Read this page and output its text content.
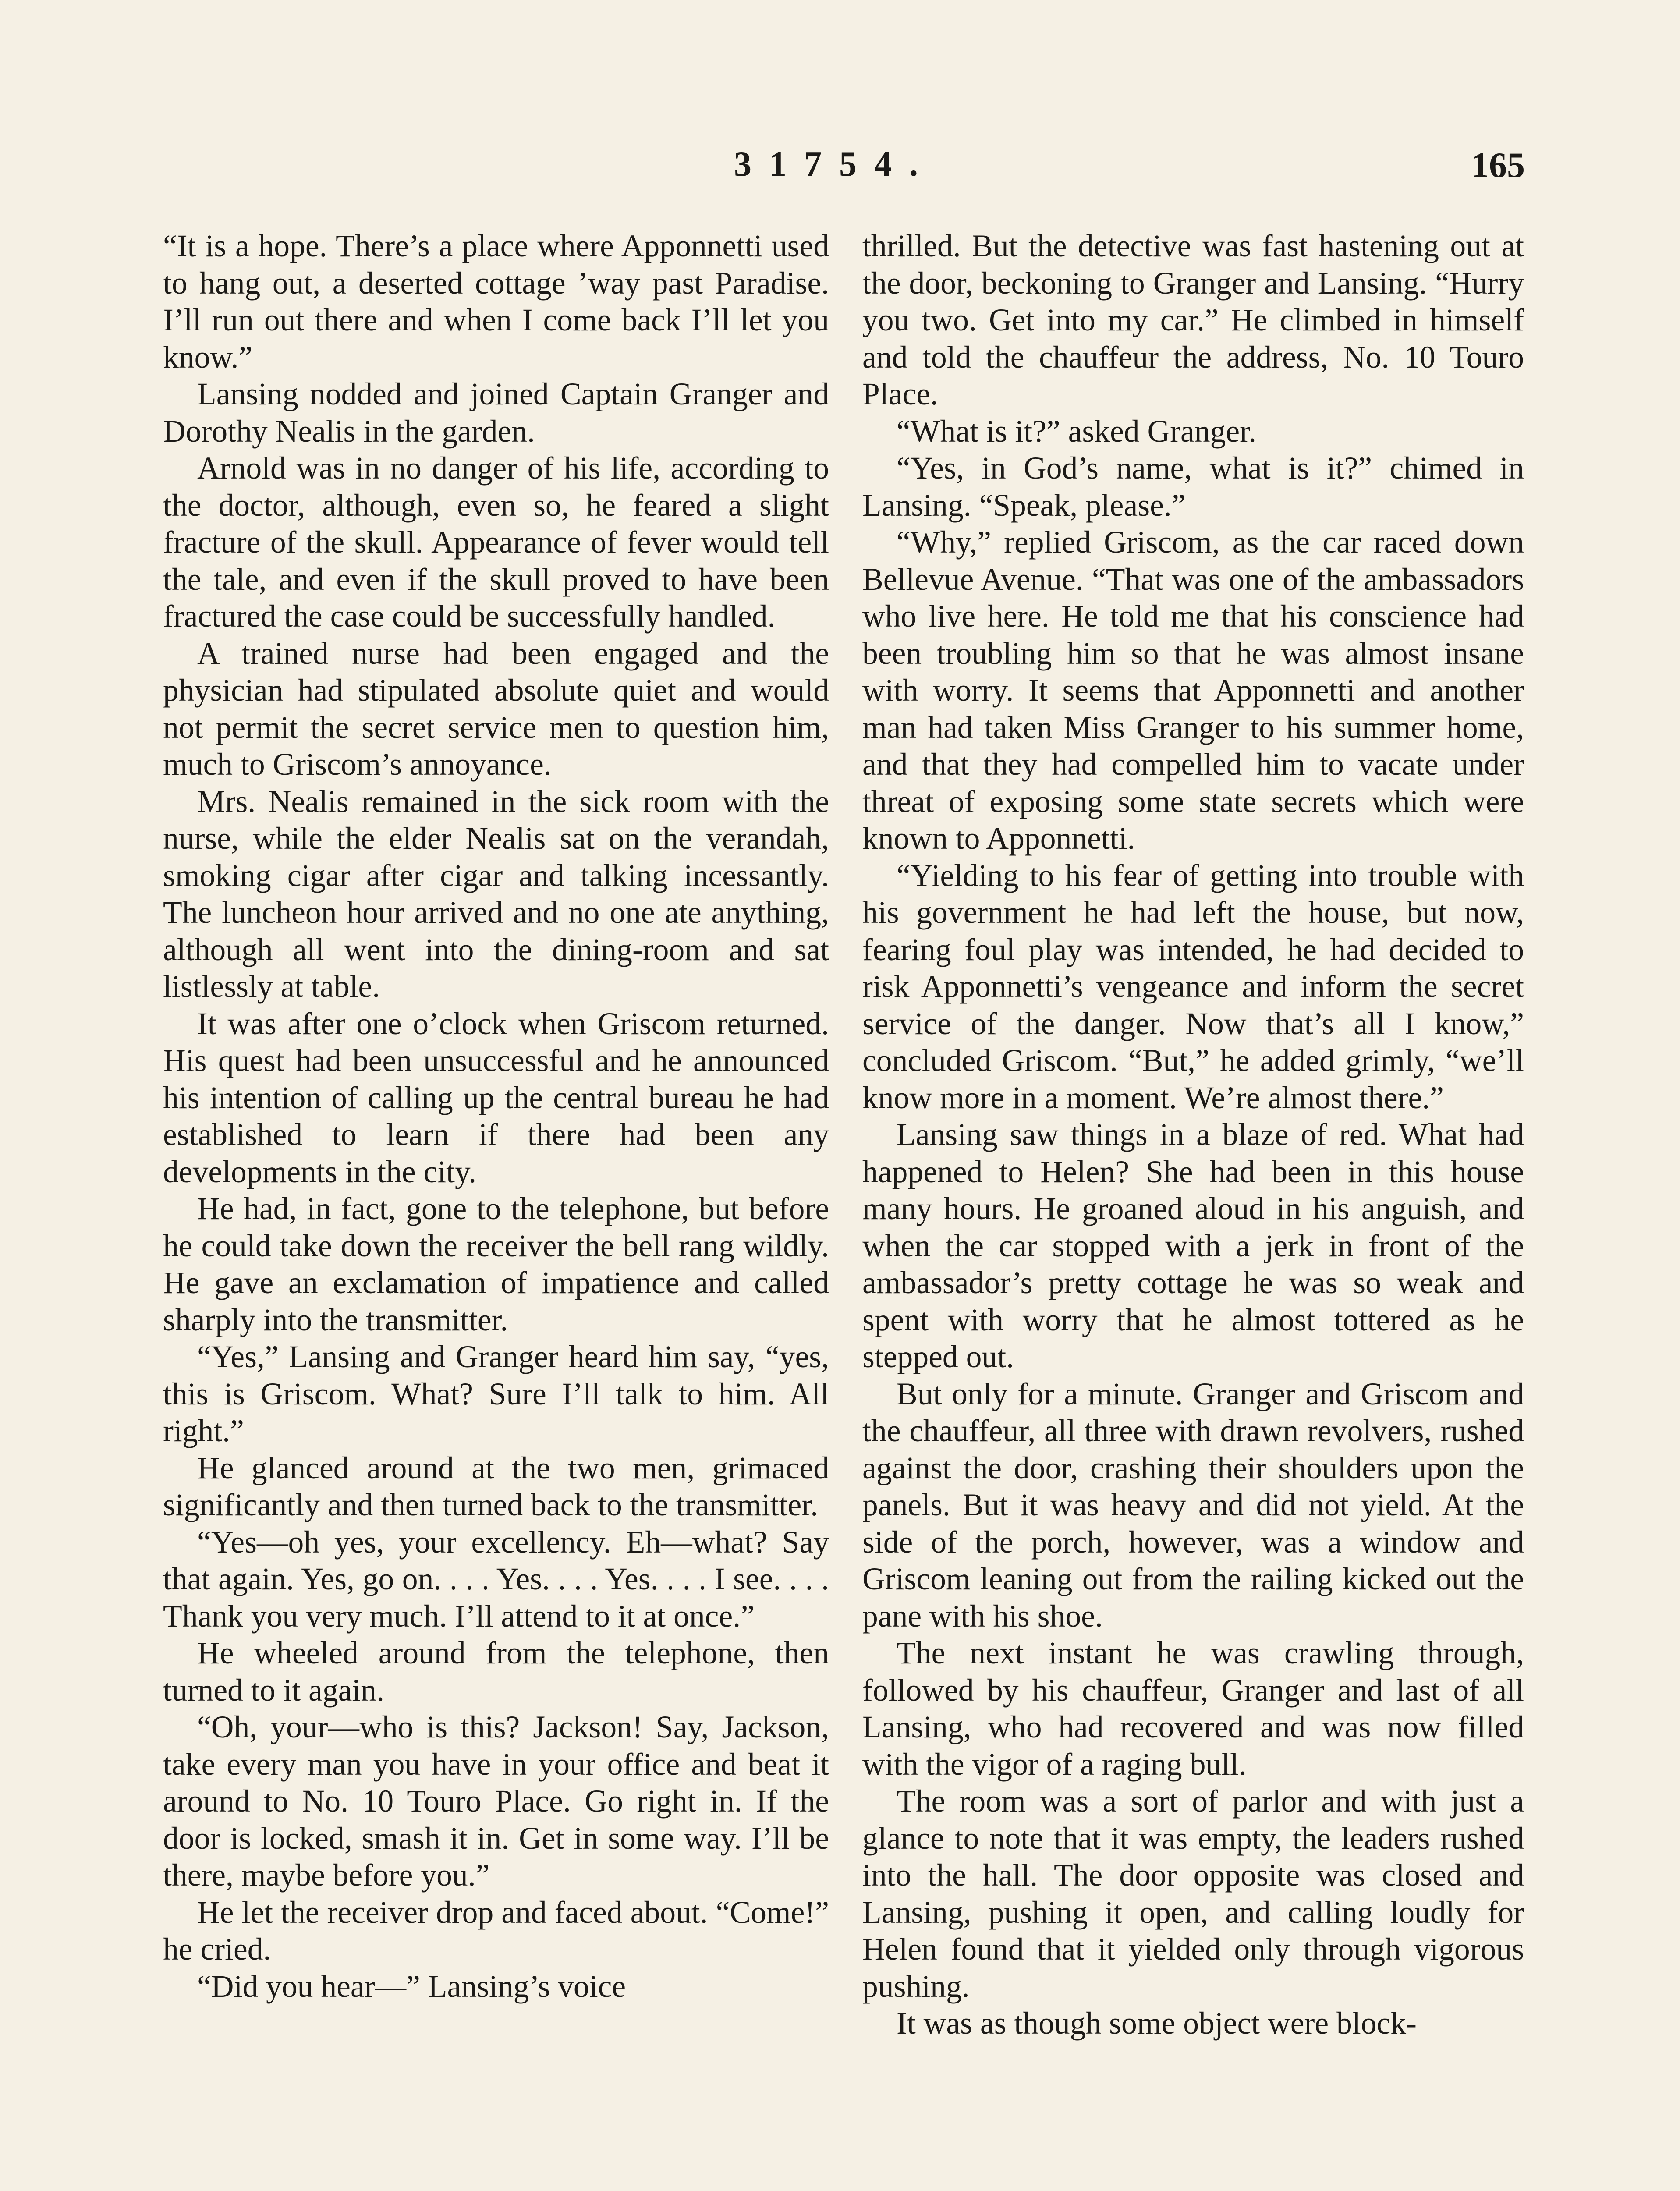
31754.	165

“It is a hope. There’s a place where Apponnetti used to hang out, a deserted cottage ’way past Paradise. I’ll run out there and when I come back I’ll let you know.”

Lansing nodded and joined Captain Granger and Dorothy Nealis in the garden.

Arnold was in no danger of his life, according to the doctor, although, even so, he feared a slight fracture of the skull. Appearance of fever would tell the tale, and even if the skull proved to have been fractured the case could be successfully handled.

A trained nurse had been engaged and the physician had stipulated absolute quiet and would not permit the secret service men to question him, much to Griscom’s annoyance.

Mrs. Nealis remained in the sick room with the nurse, while the elder Nealis sat on the verandah, smoking cigar after cigar and talking incessantly. The luncheon hour arrived and no one ate anything, although all went into the dining-room and sat listlessly at table.

It was after one o’clock when Griscom returned. His quest had been unsuccessful and he announced his intention of calling up the central bureau he had established to learn if there had been any developments in the city.

He had, in fact, gone to the telephone, but before he could take down the receiver the bell rang wildly. He gave an exclamation of impatience and called sharply into the transmitter.

“Yes,” Lansing and Granger heard him say, “yes, this is Griscom. What? Sure I’ll talk to him. All right.”

He glanced around at the two men, grimaced significantly and then turned back to the transmitter.

“Yes—oh yes, your excellency. Eh—what? Say that again. Yes, go on. . . . Yes. . . . Yes. . . . I see. . . . Thank you very much. I’ll attend to it at once.”

He wheeled around from the telephone, then turned to it again.

“Oh, your—who is this? Jackson! Say, Jackson, take every man you have in your office and beat it around to No. 10 Touro Place. Go right in. If the door is locked, smash it in. Get in some way. I’ll be there, maybe before you.”

He let the receiver drop and faced about. “Come!” he cried.

“Did you hear—” Lansing’s voice

thrilled. But the detective was fast hastening out at the door, beckoning to Granger and Lansing. “Hurry you two. Get into my car.” He climbed in himself and told the chauffeur the address, No. 10 Touro Place.

“What is it?” asked Granger.

“Yes, in God’s name, what is it?” chimed in Lansing. “Speak, please.”

“Why,” replied Griscom, as the car raced down Bellevue Avenue. “That was one of the ambassadors who live here. He told me that his conscience had been troubling him so that he was almost insane with worry. It seems that Apponnetti and another man had taken Miss Granger to his summer home, and that they had compelled him to vacate under threat of exposing some state secrets which were known to Apponnetti.

“Yielding to his fear of getting into trouble with his government he had left the house, but now, fearing foul play was intended, he had decided to risk Apponnetti’s vengeance and inform the secret service of the danger. Now that’s all I know,” concluded Griscom. “But,” he added grimly, “we’ll know more in a moment. We’re almost there.”

Lansing saw things in a blaze of red. What had happened to Helen? She had been in this house many hours. He groaned aloud in his anguish, and when the car stopped with a jerk in front of the ambassador’s pretty cottage he was so weak and spent with worry that he almost tottered as he stepped out.

But only for a minute. Granger and Griscom and the chauffeur, all three with drawn revolvers, rushed against the door, crashing their shoulders upon the panels. But it was heavy and did not yield. At the side of the porch, however, was a window and Griscom leaning out from the railing kicked out the pane with his shoe.

The next instant he was crawling through, followed by his chauffeur, Granger and last of all Lansing, who had recovered and was now filled with the vigor of a raging bull.

The room was a sort of parlor and with just a glance to note that it was empty, the leaders rushed into the hall. The door opposite was closed and Lansing, pushing it open, and calling loudly for Helen found that it yielded only through vigorous pushing.

It was as though some object were block-
